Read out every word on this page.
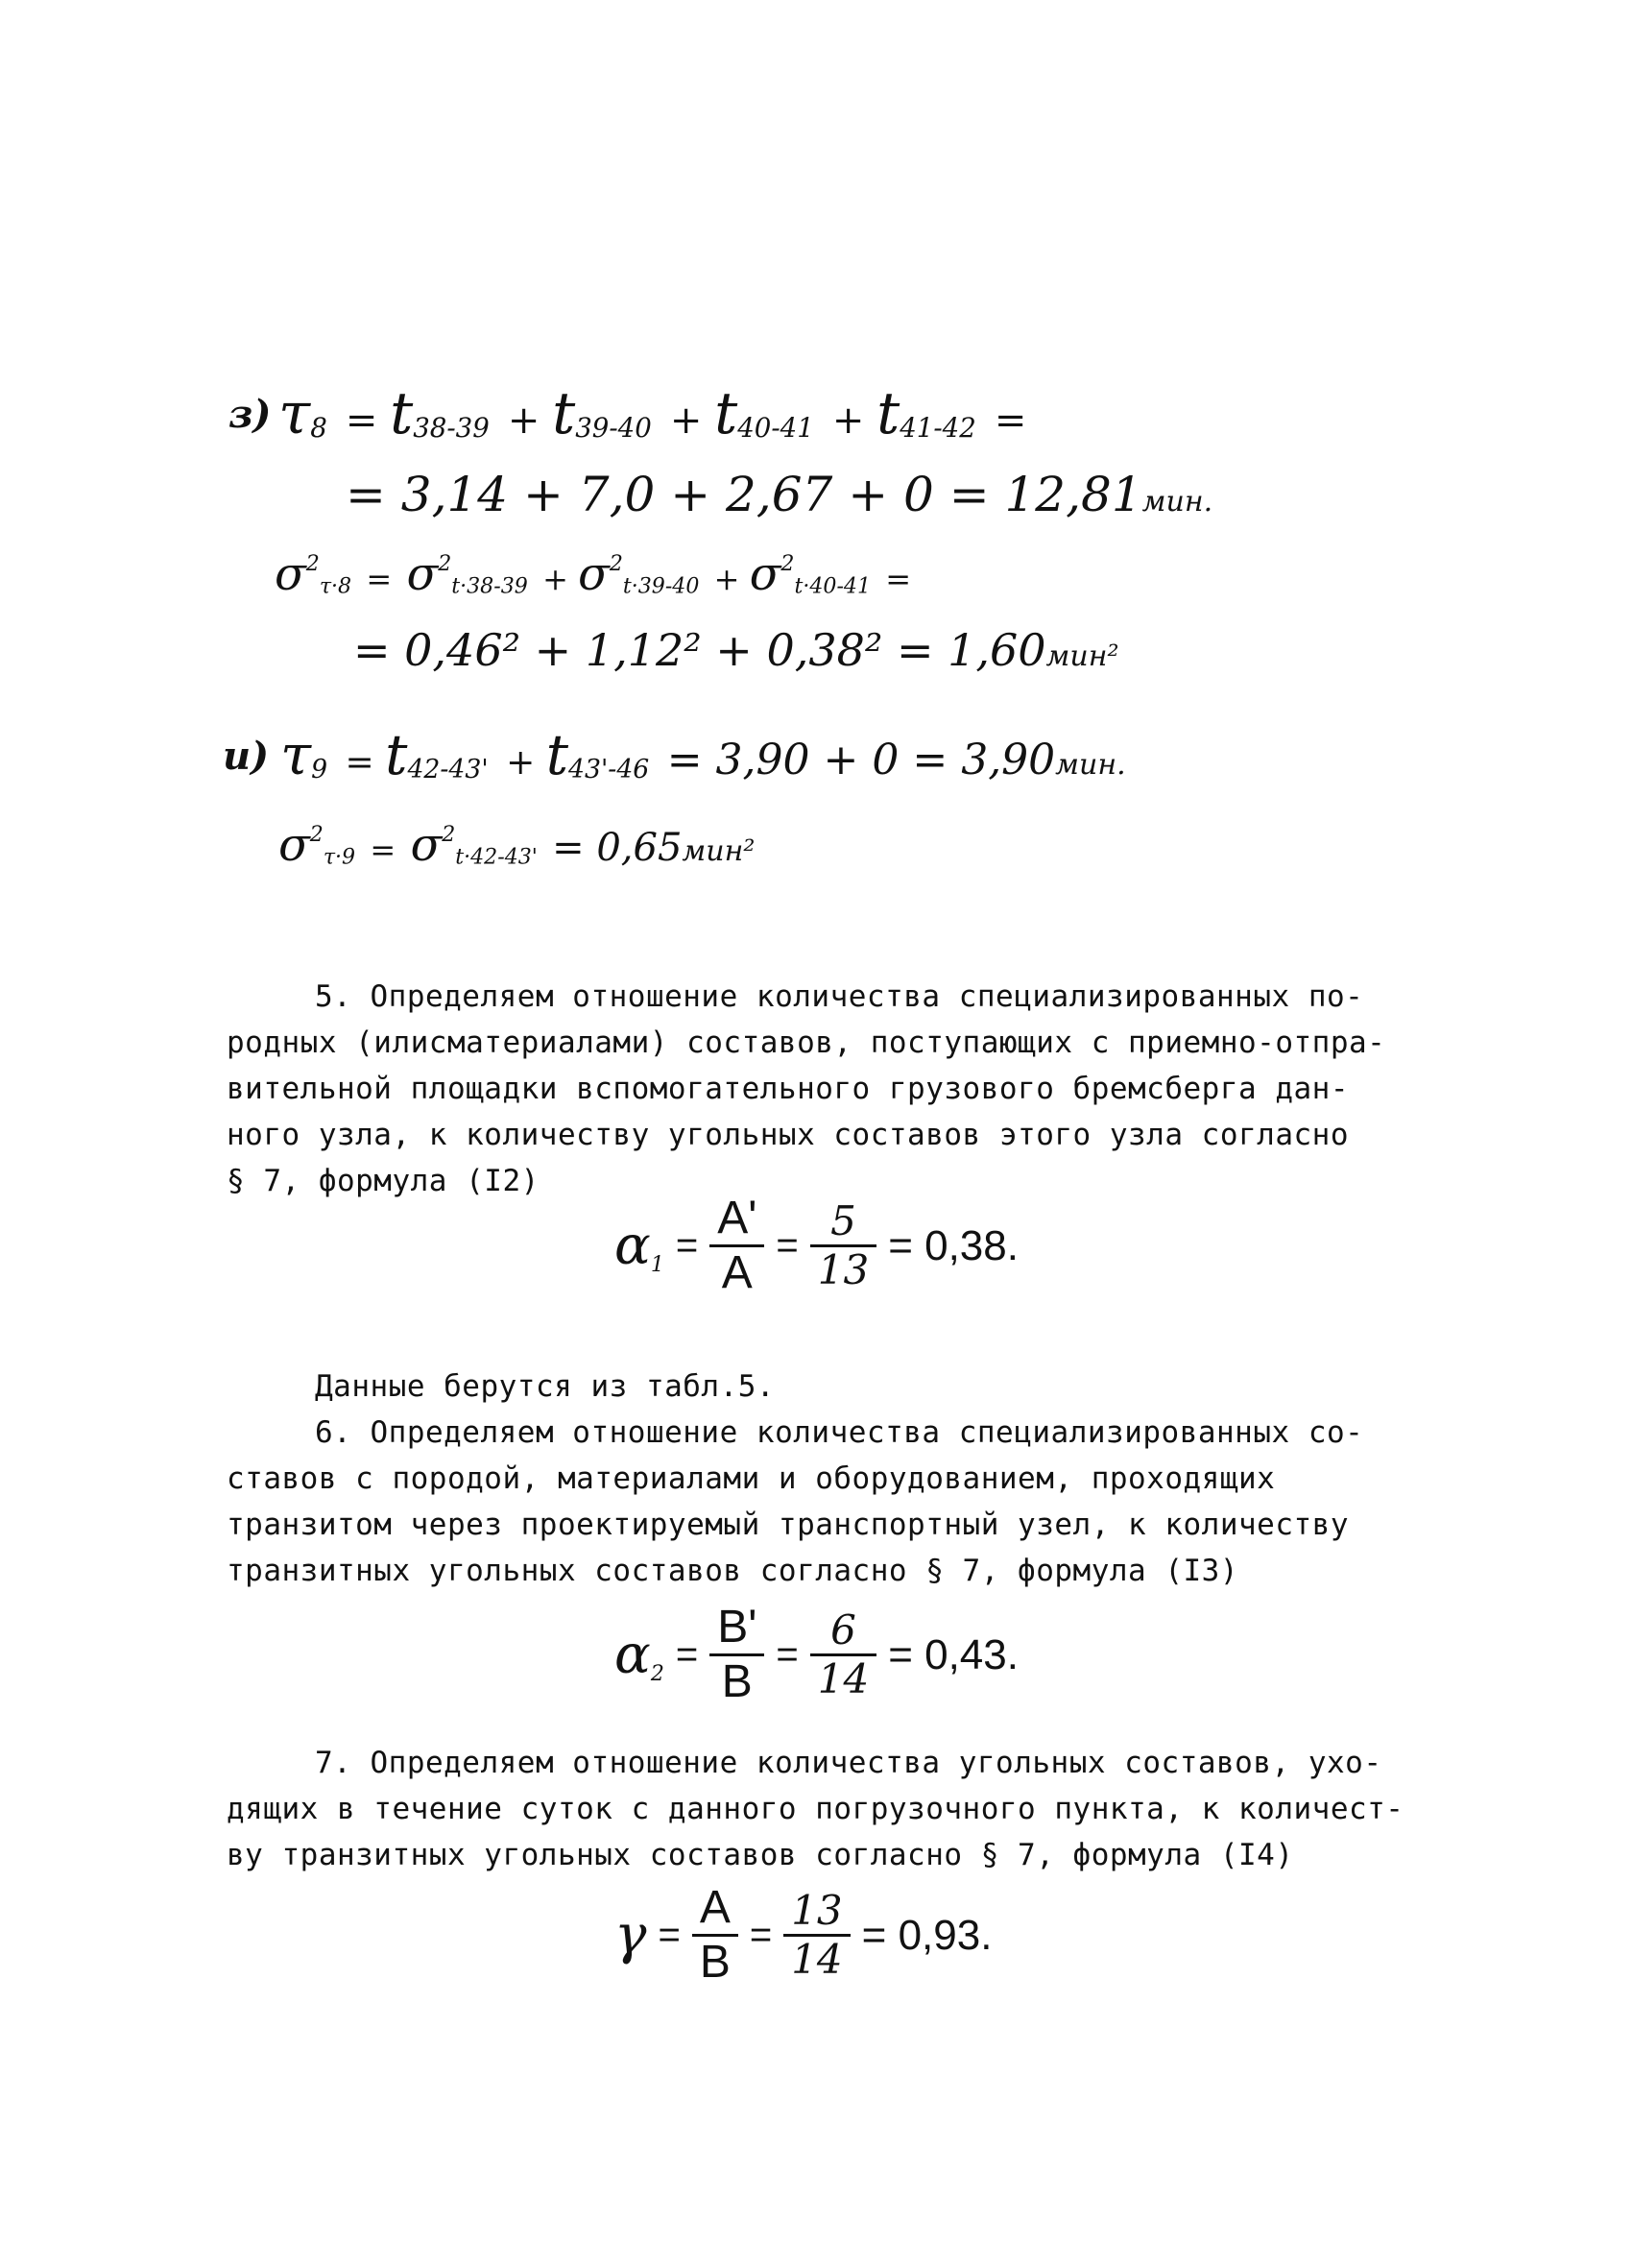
з) $\tau_8 = t_{38-39} + t_{39-40} + t_{40-41} + t_{41-42}$ =
= 3,14 + 7,0 + 2,67 + 0 = 12,81мин.
$\sigma^2_{\tau\cdot 8} = \sigma^2_{t\cdot 38-39} + \sigma^2_{t\cdot 39-40} + \sigma^2_{t\cdot 40-41}$ =
= 0,46² + 1,12² + 0,38² = 1,60мин²
и) $\tau_9 = t_{42-43'} + t_{43'-46} = 3,90 + 0 = 3,90мин$.
$\sigma^2_{\tau\cdot 9} = \sigma^2_{t\cdot 42-43'} = 0,65мин^2$
5. Определяем отношение количества специализированных по-
родных (илисматериалами) составов, поступающих с приемно-отпра-
вительной площадки вспомогательного грузового бремсберга дан-
ного узла, к количеству угольных составов этого узла согласно
§ 7, формула (I2)
$\alpha_1 = \frac{A'}{A} = \frac{5}{13} = 0,38$.
Данные берутся из табл.5.
6. Определяем отношение количества специализированных со-
ставов с породой, материалами и оборудованием, проходящих
транзитом через проектируемый транспортный узел, к количеству
транзитных угольных составов согласно § 7, формула (I3)
$\alpha_2 = \frac{B'}{B} = \frac{6}{14} = 0,43$.
7. Определяем отношение количества угольных составов, ухо-
дящих в течение суток с данного погрузочного пункта, к количест-
ву транзитных угольных составов согласно § 7, формула (I4)
$\gamma = \frac{A}{B} = \frac{13}{14} = 0,93$.
